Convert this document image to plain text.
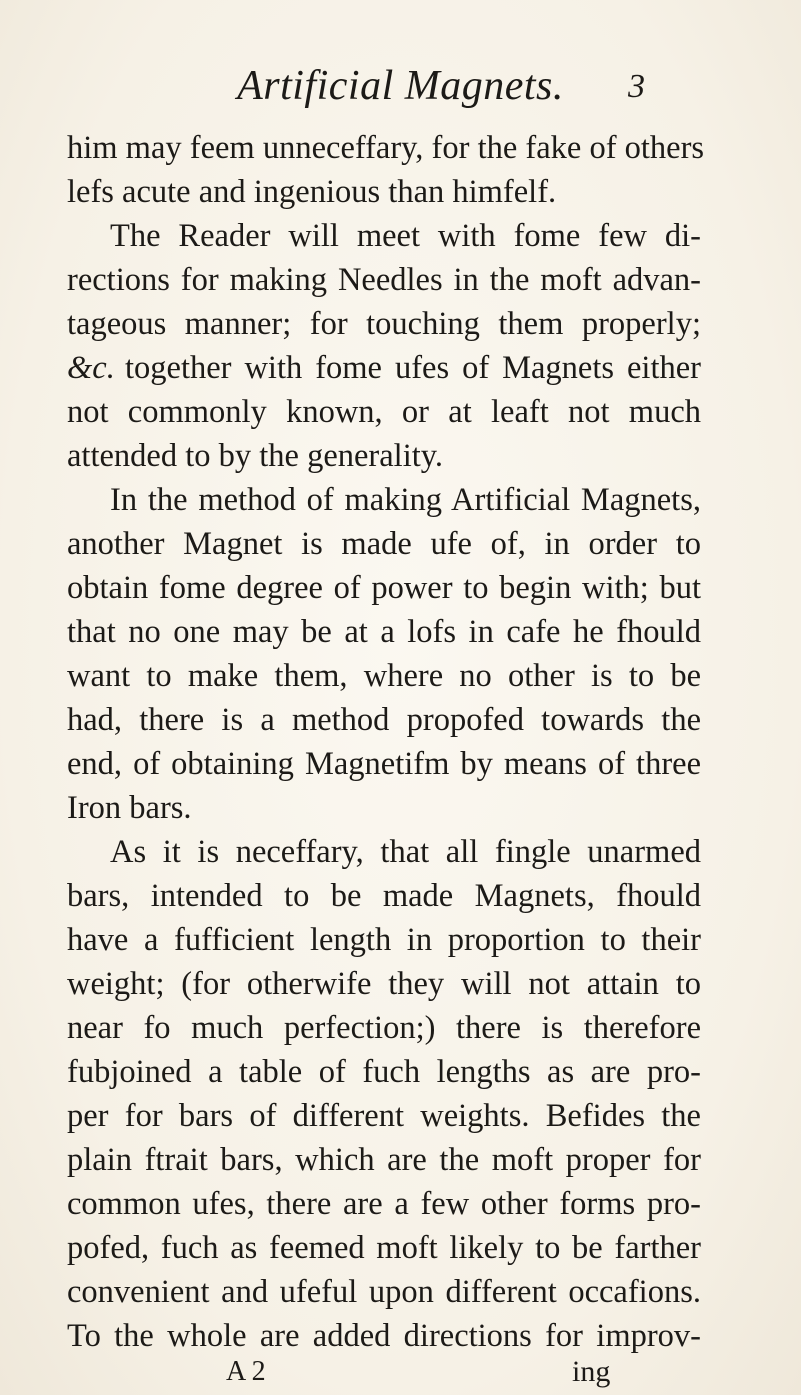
Artificial Magnets.	3
him may feem unneceffary, for the fake of others
lefs acute and ingenious than himfelf.
The Reader will meet with fome few di-
rections for making Needles in the moft advan-
tageous manner; for touching them properly;
&c. together with fome ufes of Magnets either
not commonly known, or at leaft not much
attended to by the generality.
In the method of making Artificial Magnets,
another Magnet is made ufe of, in order to
obtain fome degree of power to begin with; but
that no one may be at a lofs in cafe he fhould
want to make them, where no other is to be
had, there is a method propofed towards the
end, of obtaining Magnetifm by means of three
Iron bars.
As it is neceffary, that all fingle unarmed
bars, intended to be made Magnets, fhould
have a fufficient length in proportion to their
weight; (for otherwife they will not attain to
near fo much perfection;) there is therefore
fubjoined a table of fuch lengths as are pro-
per for bars of different weights. Befides the
plain ftrait bars, which are the moft proper for
common ufes, there are a few other forms pro-
pofed, fuch as feemed moft likely to be farther
convenient and ufeful upon different occafions.
To the whole are added directions for improv-
A 2	ing
